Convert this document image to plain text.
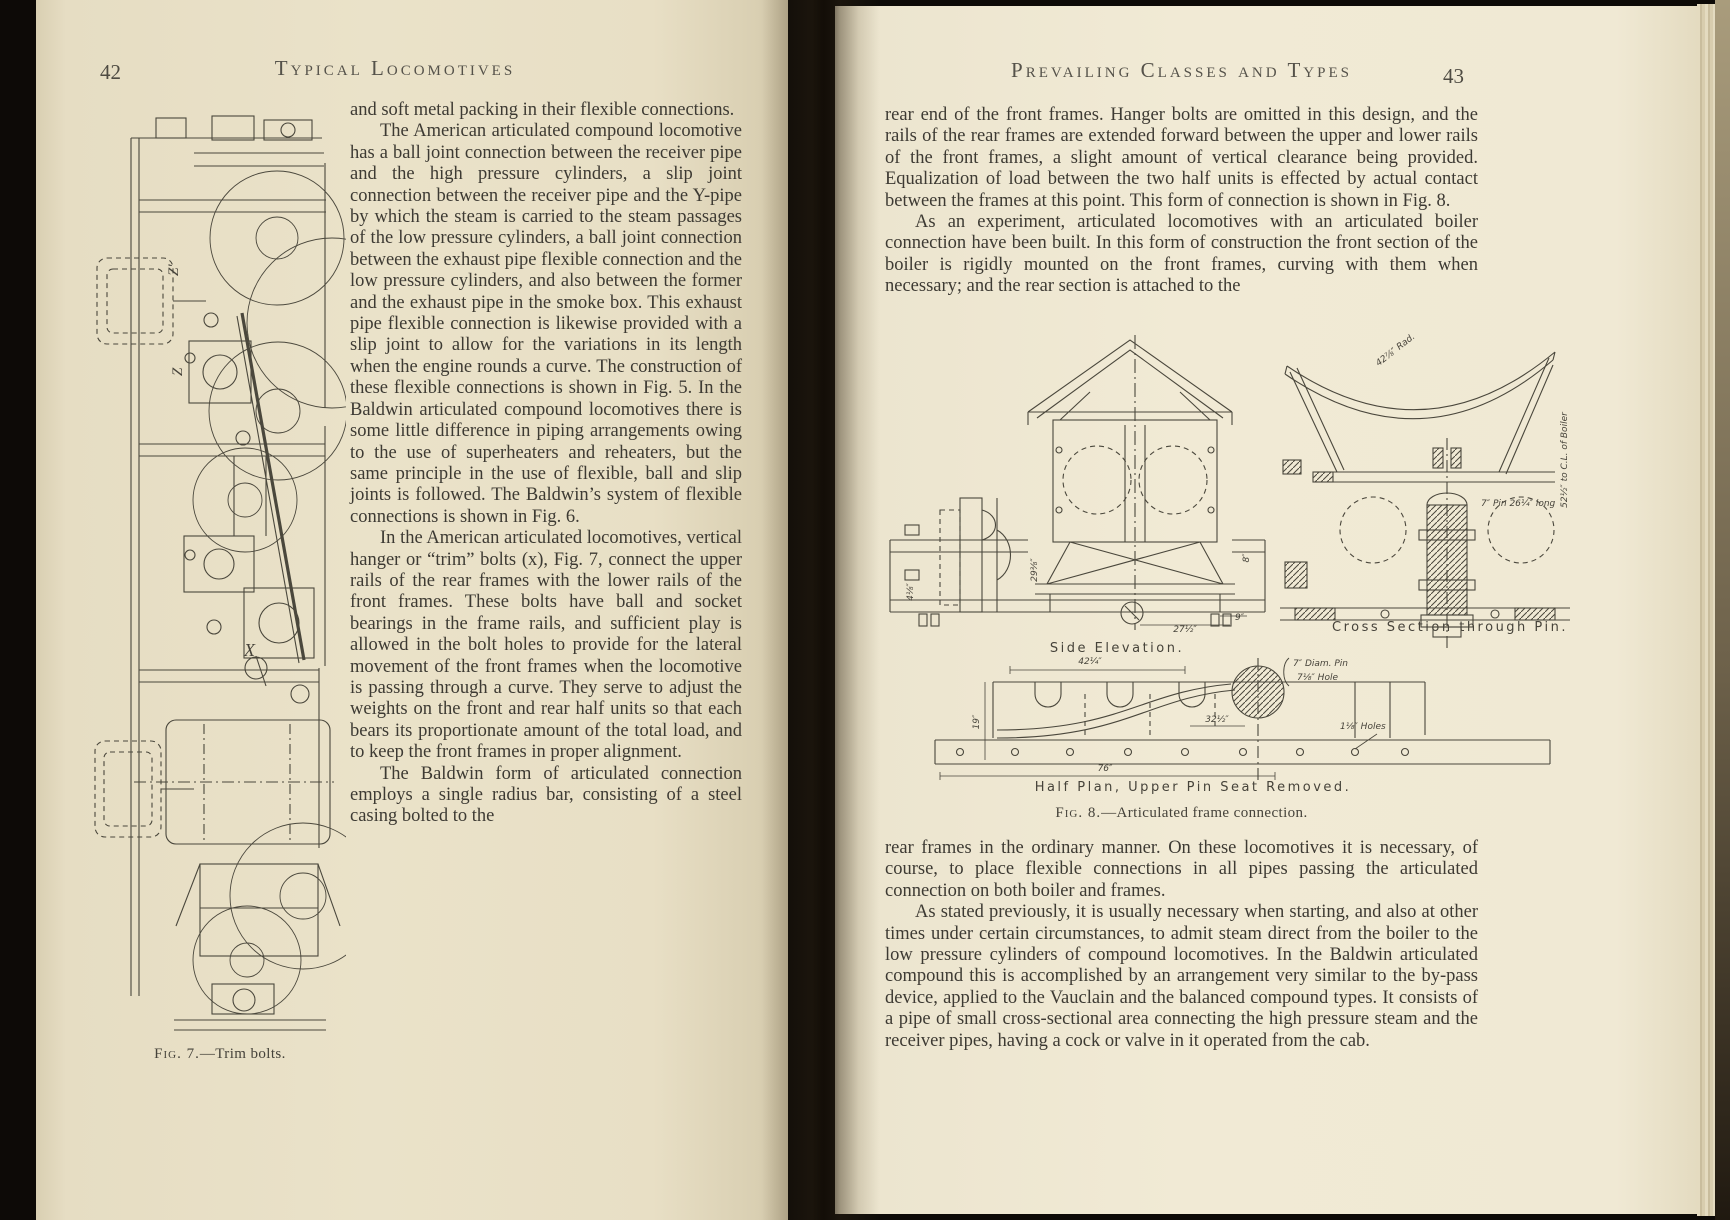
42	Typical Locomotives
Z′
Z
X
Fig. 7.—Trim bolts.

and soft metal packing in their flexible connections.

The American articulated compound locomotive has a ball joint connection between the receiver pipe and the high pressure cylinders, a slip joint connection between the receiver pipe and the Y-pipe by which the steam is carried to the steam passages of the low pressure cylinders, a ball joint connection between the exhaust pipe flexible connection and the low pressure cylinders, and also between the former and the exhaust pipe in the smoke box. This exhaust pipe flexible connection is likewise provided with a slip joint to allow for the variations in its length when the engine rounds a curve. The construction of these flexible connections is shown in Fig. 5. In the Baldwin articulated compound locomotives there is some little difference in piping arrangements owing to the use of superheaters and reheaters, but the same principle in the use of flexible, ball and slip joints is followed. The Baldwin’s system of flexible connections is shown in Fig. 6.

In the American articulated locomotives, vertical hanger or “trim” bolts (x), Fig. 7, connect the upper rails of the rear frames with the lower rails of the front frames. These bolts have ball and socket bearings in the frame rails, and sufficient play is allowed in the bolt holes to provide for the lateral movement of the front frames when the locomotive is passing through a curve. They serve to adjust the weights on the front and rear half units so that each bears its proportionate amount of the total load, and to keep the front frames in proper alignment.

The Baldwin form of articulated connection employs a single radius bar, consisting of a steel casing bolted to the

Prevailing Classes and Types	43

rear end of the front frames. Hanger bolts are omitted in this design, and the rails of the rear frames are extended forward between the upper and lower rails of the front frames, a slight amount of vertical clearance being provided. Equalization of load between the two half units is effected by actual contact between the frames at this point. This form of connection is shown in Fig. 8.

As an experiment, articulated locomotives with an articulated boiler connection have been built. In this form of construction the front section of the boiler is rigidly mounted on the front frames, curving with them when necessary; and the rear section is attached to the

Side Elevation.
Cross Section through Pin.
Half Plan, Upper Pin Seat Removed.
42¼″	7″ Diam. Pin
7⅛″ Hole
19″
76″
1⅛″ Holes
32½″
27½″
9″
29⅜″
4⅛″
8″
42⅞″ Rad.
7″ Pin 26¼″ long 52½″ to C.L. of Boiler
Fig. 8.—Articulated frame connection.

rear frames in the ordinary manner. On these locomotives it is necessary, of course, to place flexible connections in all pipes passing the articulated connection on both boiler and frames.

As stated previously, it is usually necessary when starting, and also at other times under certain circumstances, to admit steam direct from the boiler to the low pressure cylinders of compound locomotives. In the Baldwin articulated compound this is accomplished by an arrangement very similar to the by-pass device, applied to the Vauclain and the balanced compound types. It consists of a pipe of small cross-sectional area connecting the high pressure steam and the receiver pipes, having a cock or valve in it operated from the cab.
